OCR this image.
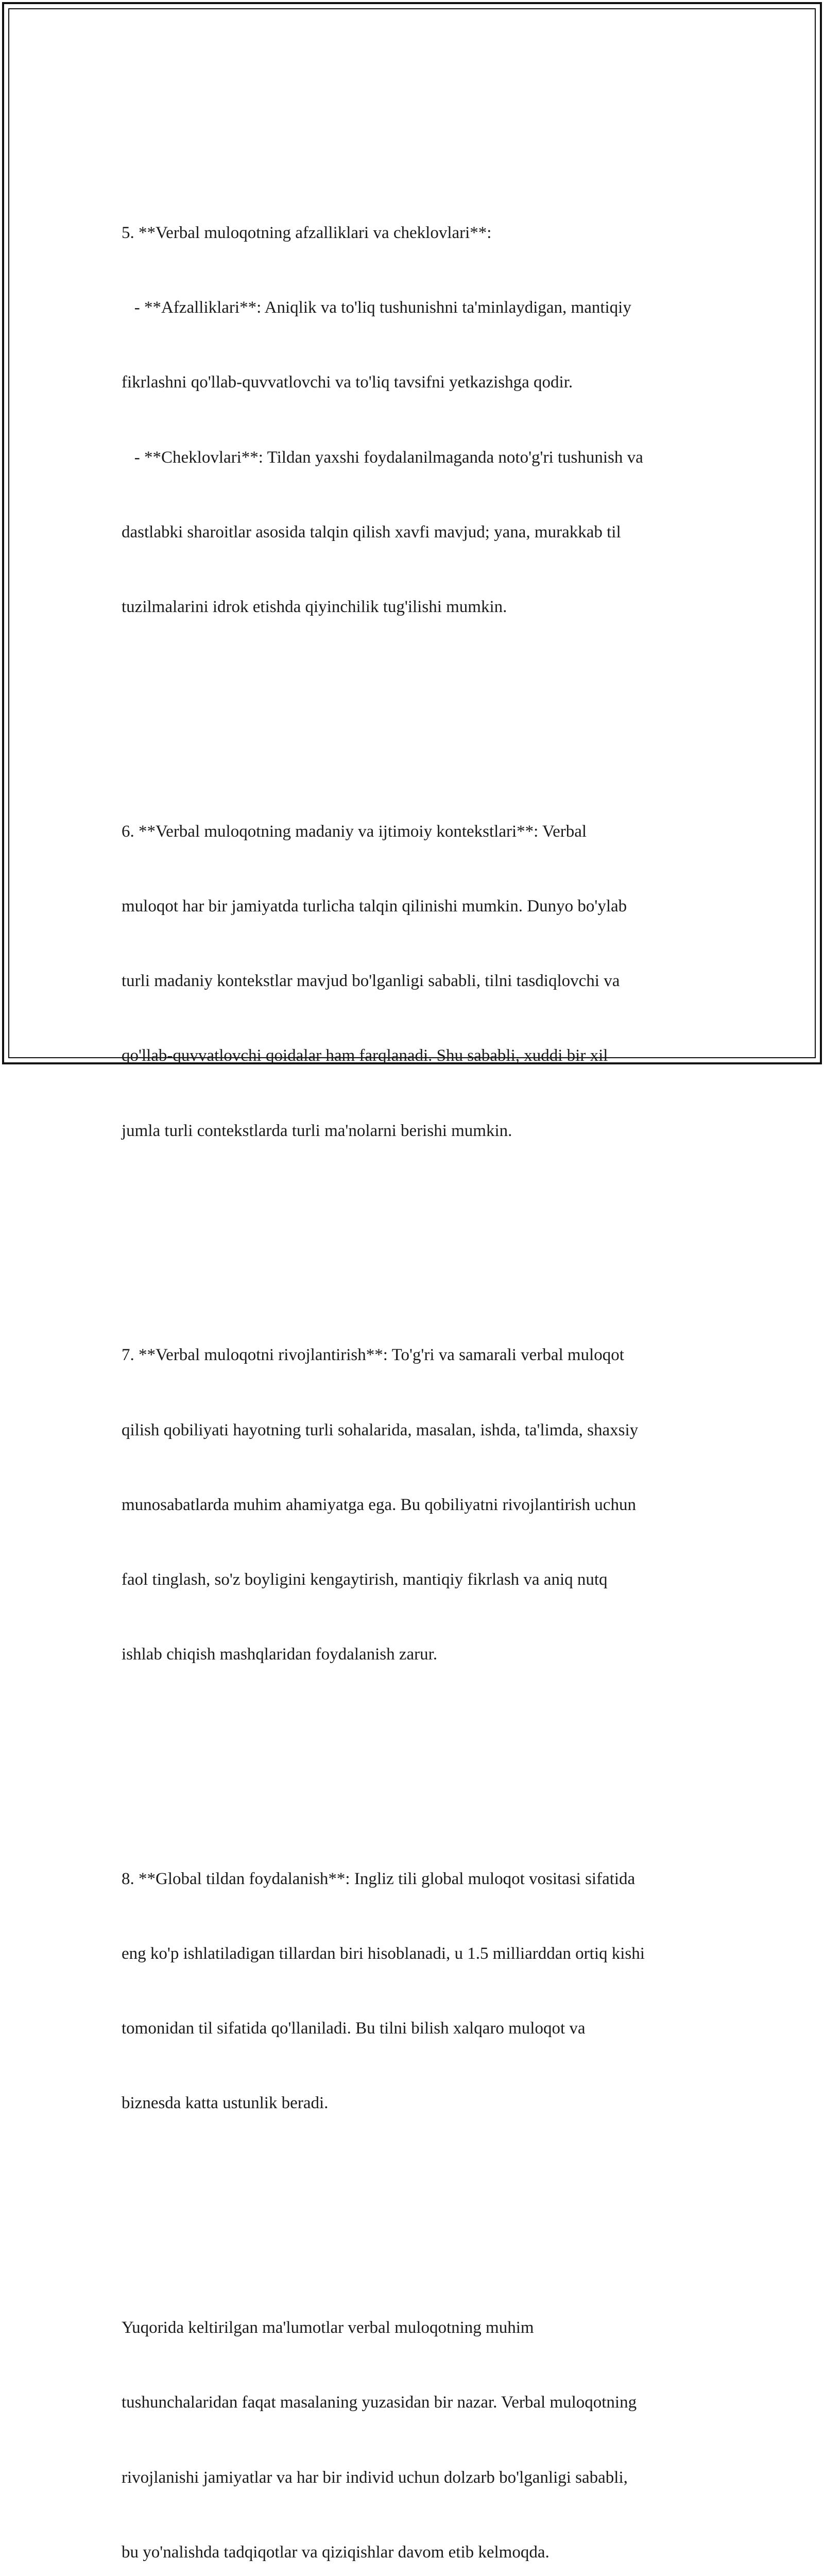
5. **Verbal muloqotning afzalliklari va cheklovlari**:

- **Afzalliklari**: Aniqlik va to'liq tushunishni ta'minlaydigan, mantiqiy

fikrlashni qo'llab-quvvatlovchi va to'liq tavsifni yetkazishga qodir.

- **Cheklovlari**: Tildan yaxshi foydalanilmaganda noto'g'ri tushunish va

dastlabki sharoitlar asosida talqin qilish xavfi mavjud; yana, murakkab til

tuzilmalarini idrok etishda qiyinchilik tug'ilishi mumkin.

6. **Verbal muloqotning madaniy va ijtimoiy kontekstlari**: Verbal

muloqot har bir jamiyatda turlicha talqin qilinishi mumkin. Dunyo bo'ylab

turli madaniy kontekstlar mavjud bo'lganligi sababli, tilni tasdiqlovchi va

qo'llab-quvvatlovchi qoidalar ham farqlanadi. Shu sababli, xuddi bir xil

jumla turli contekstlarda turli ma'nolarni berishi mumkin.

7. **Verbal muloqotni rivojlantirish**: To'g'ri va samarali verbal muloqot

qilish qobiliyati hayotning turli sohalarida, masalan, ishda, ta'limda, shaxsiy

munosabatlarda muhim ahamiyatga ega. Bu qobiliyatni rivojlantirish uchun

faol tinglash, so'z boyligini kengaytirish, mantiqiy fikrlash va aniq nutq

ishlab chiqish mashqlaridan foydalanish zarur.

8. **Global tildan foydalanish**: Ingliz tili global muloqot vositasi sifatida

eng ko'p ishlatiladigan tillardan biri hisoblanadi, u 1.5 milliarddan ortiq kishi

tomonidan til sifatida qo'llaniladi. Bu tilni bilish xalqaro muloqot va

biznesda katta ustunlik beradi.

Yuqorida keltirilgan ma'lumotlar verbal muloqotning muhim

tushunchalaridan faqat masalaning yuzasidan bir nazar. Verbal muloqotning

rivojlanishi jamiyatlar va har bir individ uchun dolzarb bo'lganligi sababli,

bu yo'nalishda tadqiqotlar va qiziqishlar davom etib kelmoqda.
